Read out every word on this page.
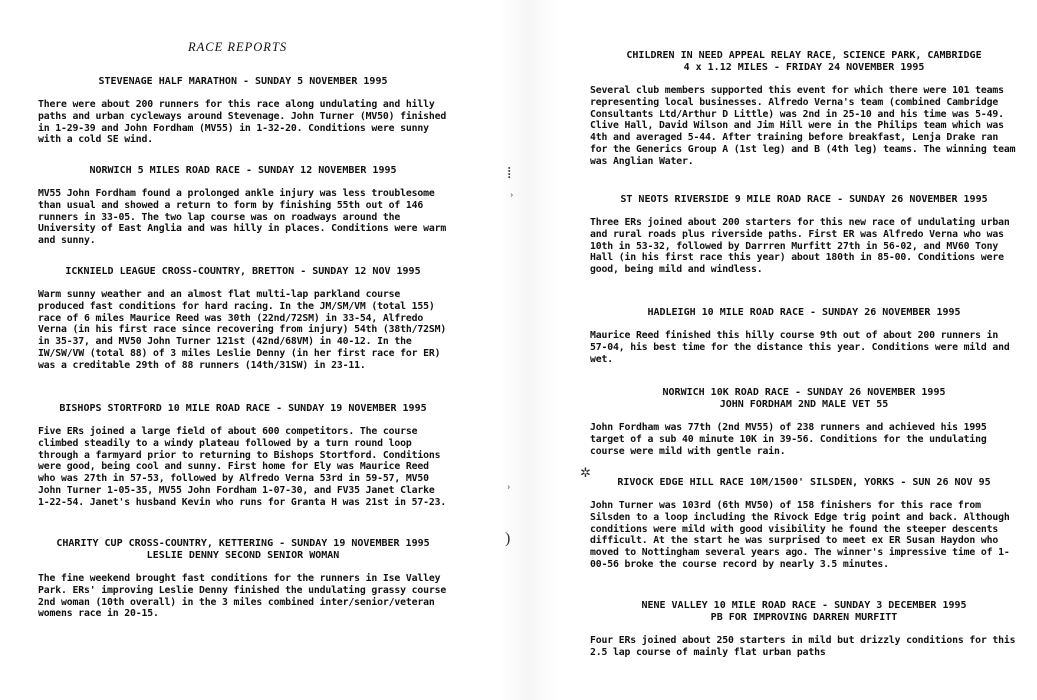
RACE REPORTS
STEVENAGE HALF MARATHON - SUNDAY 5 NOVEMBER 1995
There were about 200 runners for this race along undulating and hilly paths and urban cycleways around Stevenage. John Turner (MV50) finished in 1-29-39 and John Fordham (MV55) in 1-32-20. Conditions were sunny with a cold SE wind.
NORWICH 5 MILES ROAD RACE - SUNDAY 12 NOVEMBER 1995
MV55 John Fordham found a prolonged ankle injury was less troublesome than usual and showed a return to form by finishing 55th out of 146 runners in 33-05. The two lap course was on roadways around the University of East Anglia and was hilly in places. Conditions were warm and sunny.
ICKNIELD LEAGUE CROSS-COUNTRY, BRETTON - SUNDAY 12 NOV 1995
Warm sunny weather and an almost flat multi-lap parkland course produced fast conditions for hard racing. In the JM/SM/VM (total 155) race of 6 miles Maurice Reed was 30th (22nd/72SM) in 33-54, Alfredo Verna (in his first race since recovering from injury) 54th (38th/72SM) in 35-37, and MV50 John Turner 121st (42nd/68VM) in 40-12. In the IW/SW/VW (total 88) of 3 miles Leslie Denny (in her first race for ER) was a creditable 29th of 88 runners (14th/31SW) in 23-11.
BISHOPS STORTFORD 10 MILE ROAD RACE - SUNDAY 19 NOVEMBER 1995
Five ERs joined a large field of about 600 competitors. The course climbed steadily to a windy plateau followed by a turn round loop through a farmyard prior to returning to Bishops Stortford. Conditions were good, being cool and sunny. First home for Ely was Maurice Reed who was 27th in 57-53, followed by Alfredo Verna 53rd in 59-57, MV50 John Turner 1-05-35, MV55 John Fordham 1-07-30, and FV35 Janet Clarke 1-22-54. Janet's husband Kevin who runs for Granta H was 21st in 57-23.
CHARITY CUP CROSS-COUNTRY, KETTERING - SUNDAY 19 NOVEMBER 1995
LESLIE DENNY SECOND SENIOR WOMAN
The fine weekend brought fast conditions for the runners in Ise Valley Park. ERs' improving Leslie Denny finished the undulating grassy course 2nd woman (10th overall) in the 3 miles combined inter/senior/veteran womens race in 20-15.
⁞
ʾ
ʾ
)
✲
CHILDREN IN NEED APPEAL RELAY RACE, SCIENCE PARK, CAMBRIDGE
4 x 1.12 MILES - FRIDAY 24 NOVEMBER 1995
Several club members supported this event for which there were 101 teams representing local businesses. Alfredo Verna's team (combined Cambridge Consultants Ltd/Arthur D Little) was 2nd in 25-10 and his time was 5-49. Clive Hall, David Wilson and Jim Hill were in the Philips team which was 4th and averaged 5-44. After training before breakfast, Lenja Drake ran for the Generics Group A (1st leg) and B (4th leg) teams. The winning team was Anglian Water.
ST NEOTS RIVERSIDE 9 MILE ROAD RACE - SUNDAY 26 NOVEMBER 1995
Three ERs joined about 200 starters for this new race of undulating urban and rural roads plus riverside paths. First ER was Alfredo Verna who was 10th in 53-32, followed by Darrren Murfitt 27th in 56-02, and MV60 Tony Hall (in his first race this year) about 180th in 85-00. Conditions were good, being mild and windless.
HADLEIGH 10 MILE ROAD RACE - SUNDAY 26 NOVEMBER 1995
Maurice Reed finished this hilly course 9th out of about 200 runners in 57-04, his best time for the distance this year. Conditions were mild and wet.
NORWICH 10K ROAD RACE - SUNDAY 26 NOVEMBER 1995
JOHN FORDHAM 2ND MALE VET 55
John Fordham was 77th (2nd MV55) of 238 runners and achieved his 1995 target of a sub 40 minute 10K in 39-56. Conditions for the undulating course were mild with gentle rain.
RIVOCK EDGE HILL RACE 10M/1500' SILSDEN, YORKS - SUN 26 NOV 95
John Turner was 103rd (6th MV50) of 158 finishers for this race from Silsden to a loop including the Rivock Edge trig point and back. Although conditions were mild with good visibility he found the steeper descents difficult. At the start he was surprised to meet ex ER Susan Haydon who moved to Nottingham several years ago. The winner's impressive time of 1-00-56 broke the course record by nearly 3.5 minutes.
NENE VALLEY 10 MILE ROAD RACE - SUNDAY 3 DECEMBER 1995
PB FOR IMPROVING DARREN MURFITT
Four ERs joined about 250 starters in mild but drizzly conditions for this 2.5 lap course of mainly flat urban paths
